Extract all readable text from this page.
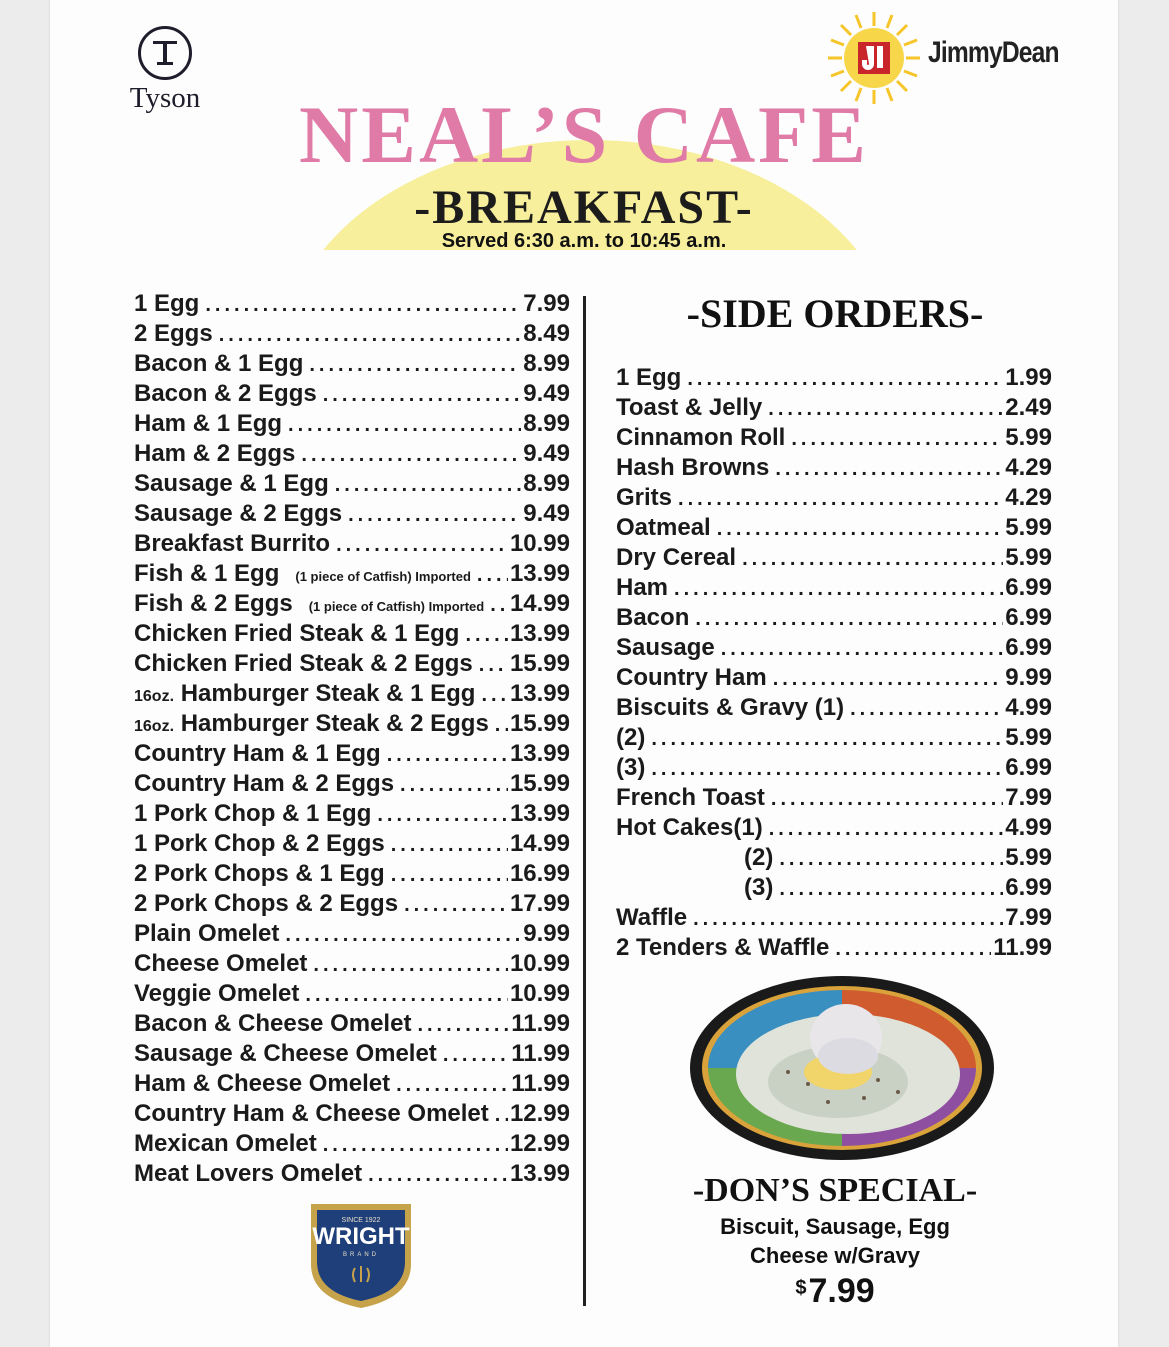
Tyson
JimmyDean
NEAL’S CAFE
-BREAKFAST-
Served 6:30 a.m. to 10:45 a.m.
1 Egg .....	7.99
2 Eggs .....	8.49
Bacon & 1 Egg .....	8.99
Bacon & 2 Eggs .....	9.49
Ham & 1 Egg .....	8.99
Ham & 2 Eggs .....	9.49
Sausage & 1 Egg .....	8.99
Sausage & 2 Eggs .....	9.49
Breakfast Burrito .....	10.99
Fish & 1 Egg (1 piece of Catfish) Imported ..... 13.99
Fish & 2 Eggs (1 piece of Catfish) Imported ..... 14.99
Chicken Fried Steak & 1 Egg ..... 13.99
Chicken Fried Steak & 2 Eggs ..... 15.99
16oz. Hamburger Steak & 1 Egg ..... 13.99
16oz. Hamburger Steak & 2 Eggs ..... 15.99
Country Ham & 1 Egg .....	13.99
Country Ham & 2 Eggs .....	15.99
1 Pork Chop & 1 Egg .....	13.99
1 Pork Chop & 2 Eggs .....	14.99
2 Pork Chops & 1 Egg .....	16.99
2 Pork Chops & 2 Eggs .....	17.99
Plain Omelet .....	9.99
Cheese Omelet .....	10.99
Veggie Omelet .....	10.99
Bacon & Cheese Omelet .....	11.99
Sausage & Cheese Omelet .....	11.99
Ham & Cheese Omelet .....	11.99
Country Ham & Cheese Omelet ..... 12.99
Mexican Omelet .....	12.99
Meat Lovers Omelet .....	13.99
-SIDE ORDERS-
1 Egg .....	1.99
Toast & Jelly .....	2.49
Cinnamon Roll .....	5.99
Hash Browns .....	4.29
Grits .....	4.29
Oatmeal .....	5.99
Dry Cereal .....	5.99
Ham .....	6.99
Bacon .....	6.99
Sausage .....	6.99
Country Ham .....	9.99
Biscuits & Gravy (1) .....	4.99
(2) .....	5.99
(3) .....	6.99
French Toast .....	7.99
Hot Cakes(1) .....	4.99
(2) .....	5.99
(3) .....	6.99
Waffle .....	7.99
2 Tenders & Waffle .....	11.99
SINCE 1922
WRIGHT
BRAND
-DON’S SPECIAL-
Biscuit, Sausage, Egg
Cheese w/Gravy
$7.99
